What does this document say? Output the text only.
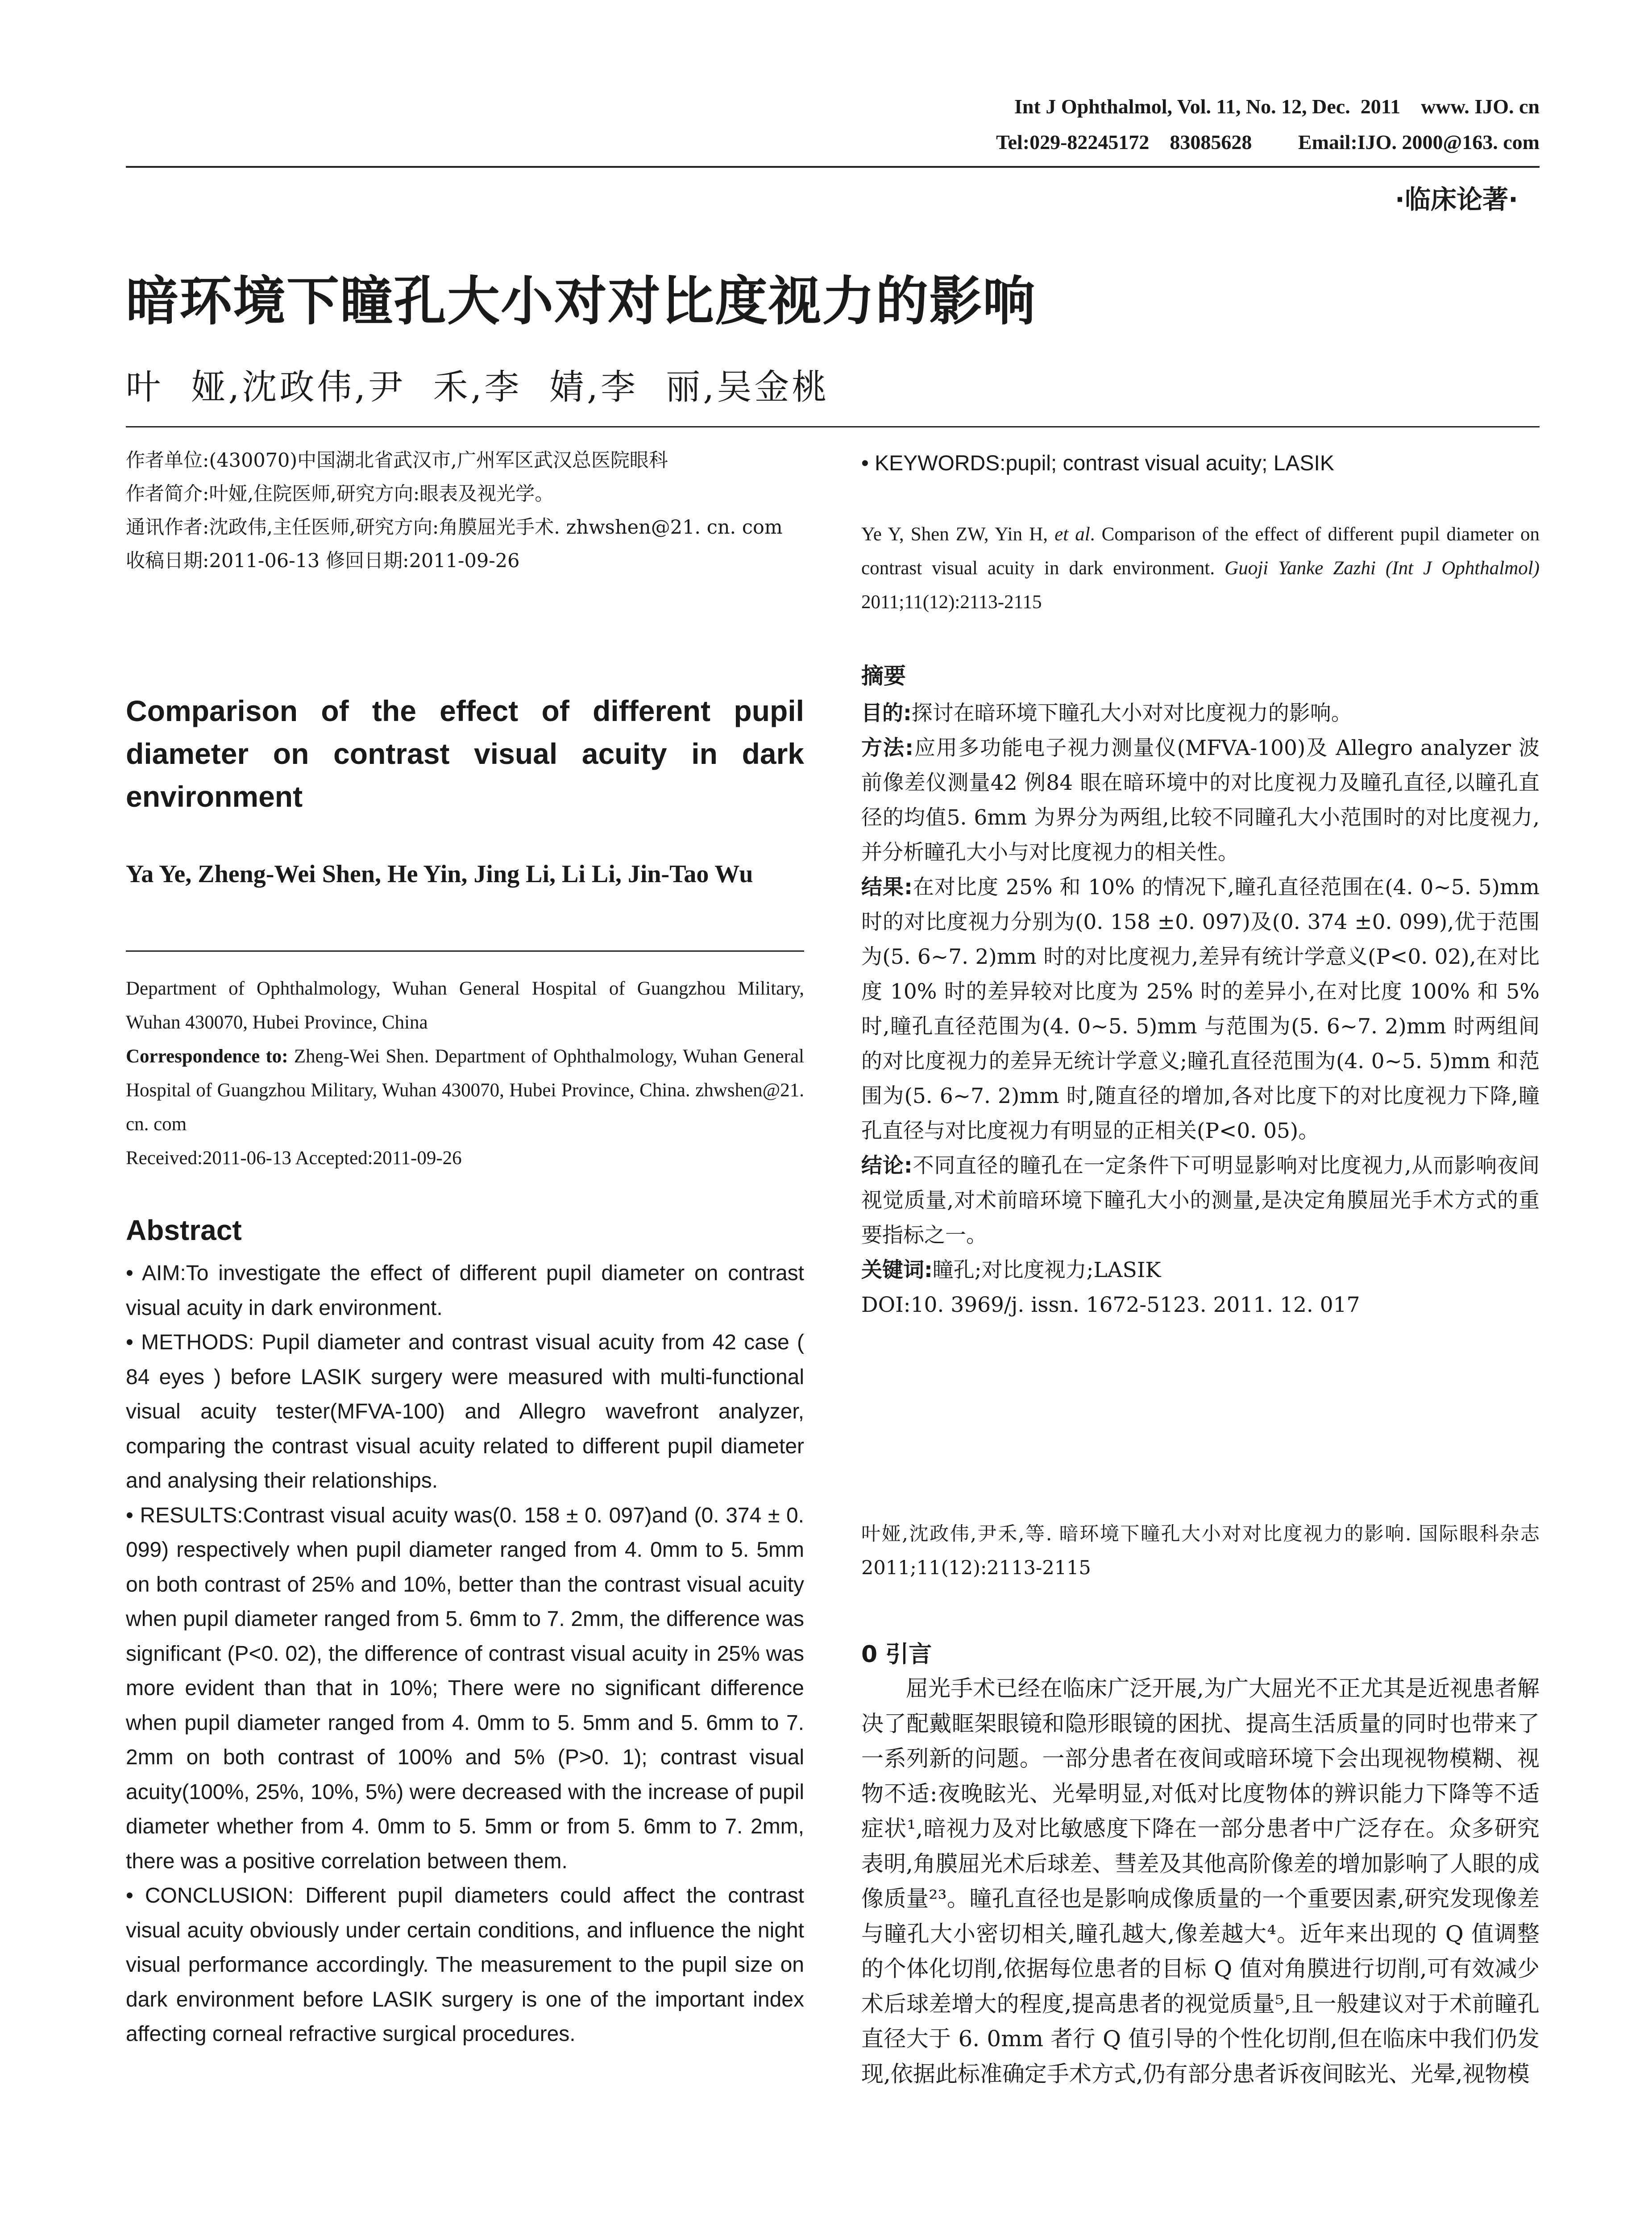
Int J Ophthalmol, Vol. 11, No. 12, Dec.  2011    www. IJO. cn
Tel:029-82245172    83085628         Email:IJO. 2000@163. com
·临床论著·
暗环境下瞳孔大小对对比度视力的影响
叶  娅,沈政伟,尹  禾,李  婧,李  丽,吴金桃

作者单位:(430070)中国湖北省武汉市,广州军区武汉总医院眼科

作者简介:叶娅,住院医师,研究方向:眼表及视光学。

通讯作者:沈政伟,主任医师,研究方向:角膜屈光手术. zhwshen@21. cn. com

收稿日期:2011-06-13 修回日期:2011-09-26

Comparison of the effect of different pupil diameter on contrast visual acuity in dark environment
Ya Ye, Zheng-Wei Shen, He Yin, Jing Li, Li Li, Jin-Tao Wu

Department of Ophthalmology, Wuhan General Hospital of Guangzhou Military, Wuhan 430070, Hubei Province, China

Correspondence to: Zheng-Wei Shen. Department of Ophthalmology, Wuhan General Hospital of Guangzhou Military, Wuhan 430070, Hubei Province, China. zhwshen@21. cn. com

Received:2011-06-13 Accepted:2011-09-26

Abstract

• AIM:To investigate the effect of different pupil diameter on contrast visual acuity in dark environment.

• METHODS: Pupil diameter and contrast visual acuity from 42 case ( 84 eyes ) before LASIK surgery were measured with multi-functional visual acuity tester(MFVA-100) and Allegro wavefront analyzer, comparing the contrast visual acuity related to different pupil diameter and analysing their relationships.

• RESULTS:Contrast visual acuity was(0. 158 ± 0. 097)and (0. 374 ± 0. 099) respectively when pupil diameter ranged from 4. 0mm to 5. 5mm on both contrast of 25% and 10%, better than the contrast visual acuity when pupil diameter ranged from 5. 6mm to 7. 2mm, the difference was significant (P<0. 02), the difference of contrast visual acuity in 25% was more evident than that in 10%; There were no significant difference when pupil diameter ranged from 4. 0mm to 5. 5mm and 5. 6mm to 7. 2mm on both contrast of 100% and 5% (P>0. 1); contrast visual acuity(100%, 25%, 10%, 5%) were decreased with the increase of pupil diameter whether from 4. 0mm to 5. 5mm or from 5. 6mm to 7. 2mm, there was a positive correlation between them.

• CONCLUSION: Different pupil diameters could affect the contrast visual acuity obviously under certain conditions, and influence the night visual performance accordingly. The measurement to the pupil size on dark environment before LASIK surgery is one of the important index affecting corneal refractive surgical procedures.

• KEYWORDS:pupil; contrast visual acuity; LASIK
Ye Y, Shen ZW, Yin H, et al. Comparison of the effect of different pupil diameter on contrast visual acuity in dark environment. Guoji Yanke Zazhi (Int J Ophthalmol) 2011;11(12):2113-2115
摘要

目的:探讨在暗环境下瞳孔大小对对比度视力的影响。

方法:应用多功能电子视力测量仪(MFVA-100)及 Allegro analyzer 波前像差仪测量42 例84 眼在暗环境中的对比度视力及瞳孔直径,以瞳孔直径的均值5. 6mm 为界分为两组,比较不同瞳孔大小范围时的对比度视力,并分析瞳孔大小与对比度视力的相关性。

结果:在对比度 25% 和 10% 的情况下,瞳孔直径范围在(4. 0~5. 5)mm 时的对比度视力分别为(0. 158 ±0. 097)及(0. 374 ±0. 099),优于范围为(5. 6~7. 2)mm 时的对比度视力,差异有统计学意义(P<0. 02),在对比度 10% 时的差异较对比度为 25% 时的差异小,在对比度 100% 和 5%时,瞳孔直径范围为(4. 0~5. 5)mm 与范围为(5. 6~7. 2)mm 时两组间的对比度视力的差异无统计学意义;瞳孔直径范围为(4. 0~5. 5)mm 和范围为(5. 6~7. 2)mm 时,随直径的增加,各对比度下的对比度视力下降,瞳孔直径与对比度视力有明显的正相关(P<0. 05)。

结论:不同直径的瞳孔在一定条件下可明显影响对比度视力,从而影响夜间视觉质量,对术前暗环境下瞳孔大小的测量,是决定角膜屈光手术方式的重要指标之一。

关键词:瞳孔;对比度视力;LASIK

DOI:10. 3969/j. issn. 1672-5123. 2011. 12. 017

叶娅,沈政伟,尹禾,等. 暗环境下瞳孔大小对对比度视力的影响. 国际眼科杂志 2011;11(12):2113-2115
0 引言
屈光手术已经在临床广泛开展,为广大屈光不正尤其是近视患者解决了配戴眶架眼镜和隐形眼镜的困扰、提高生活质量的同时也带来了一系列新的问题。一部分患者在夜间或暗环境下会出现视物模糊、视物不适:夜晚眩光、光晕明显,对低对比度物体的辨识能力下降等不适症状¹,暗视力及对比敏感度下降在一部分患者中广泛存在。众多研究表明,角膜屈光术后球差、彗差及其他高阶像差的增加影响了人眼的成像质量²³。瞳孔直径也是影响成像质量的一个重要因素,研究发现像差与瞳孔大小密切相关,瞳孔越大,像差越大⁴。近年来出现的 Q 值调整的个体化切削,依据每位患者的目标 Q 值对角膜进行切削,可有效减少术后球差增大的程度,提高患者的视觉质量⁵,且一般建议对于术前瞳孔直径大于 6. 0mm 者行 Q 值引导的个性化切削,但在临床中我们仍发现,依据此标准确定手术方式,仍有部分患者诉夜间眩光、光晕,视物模
